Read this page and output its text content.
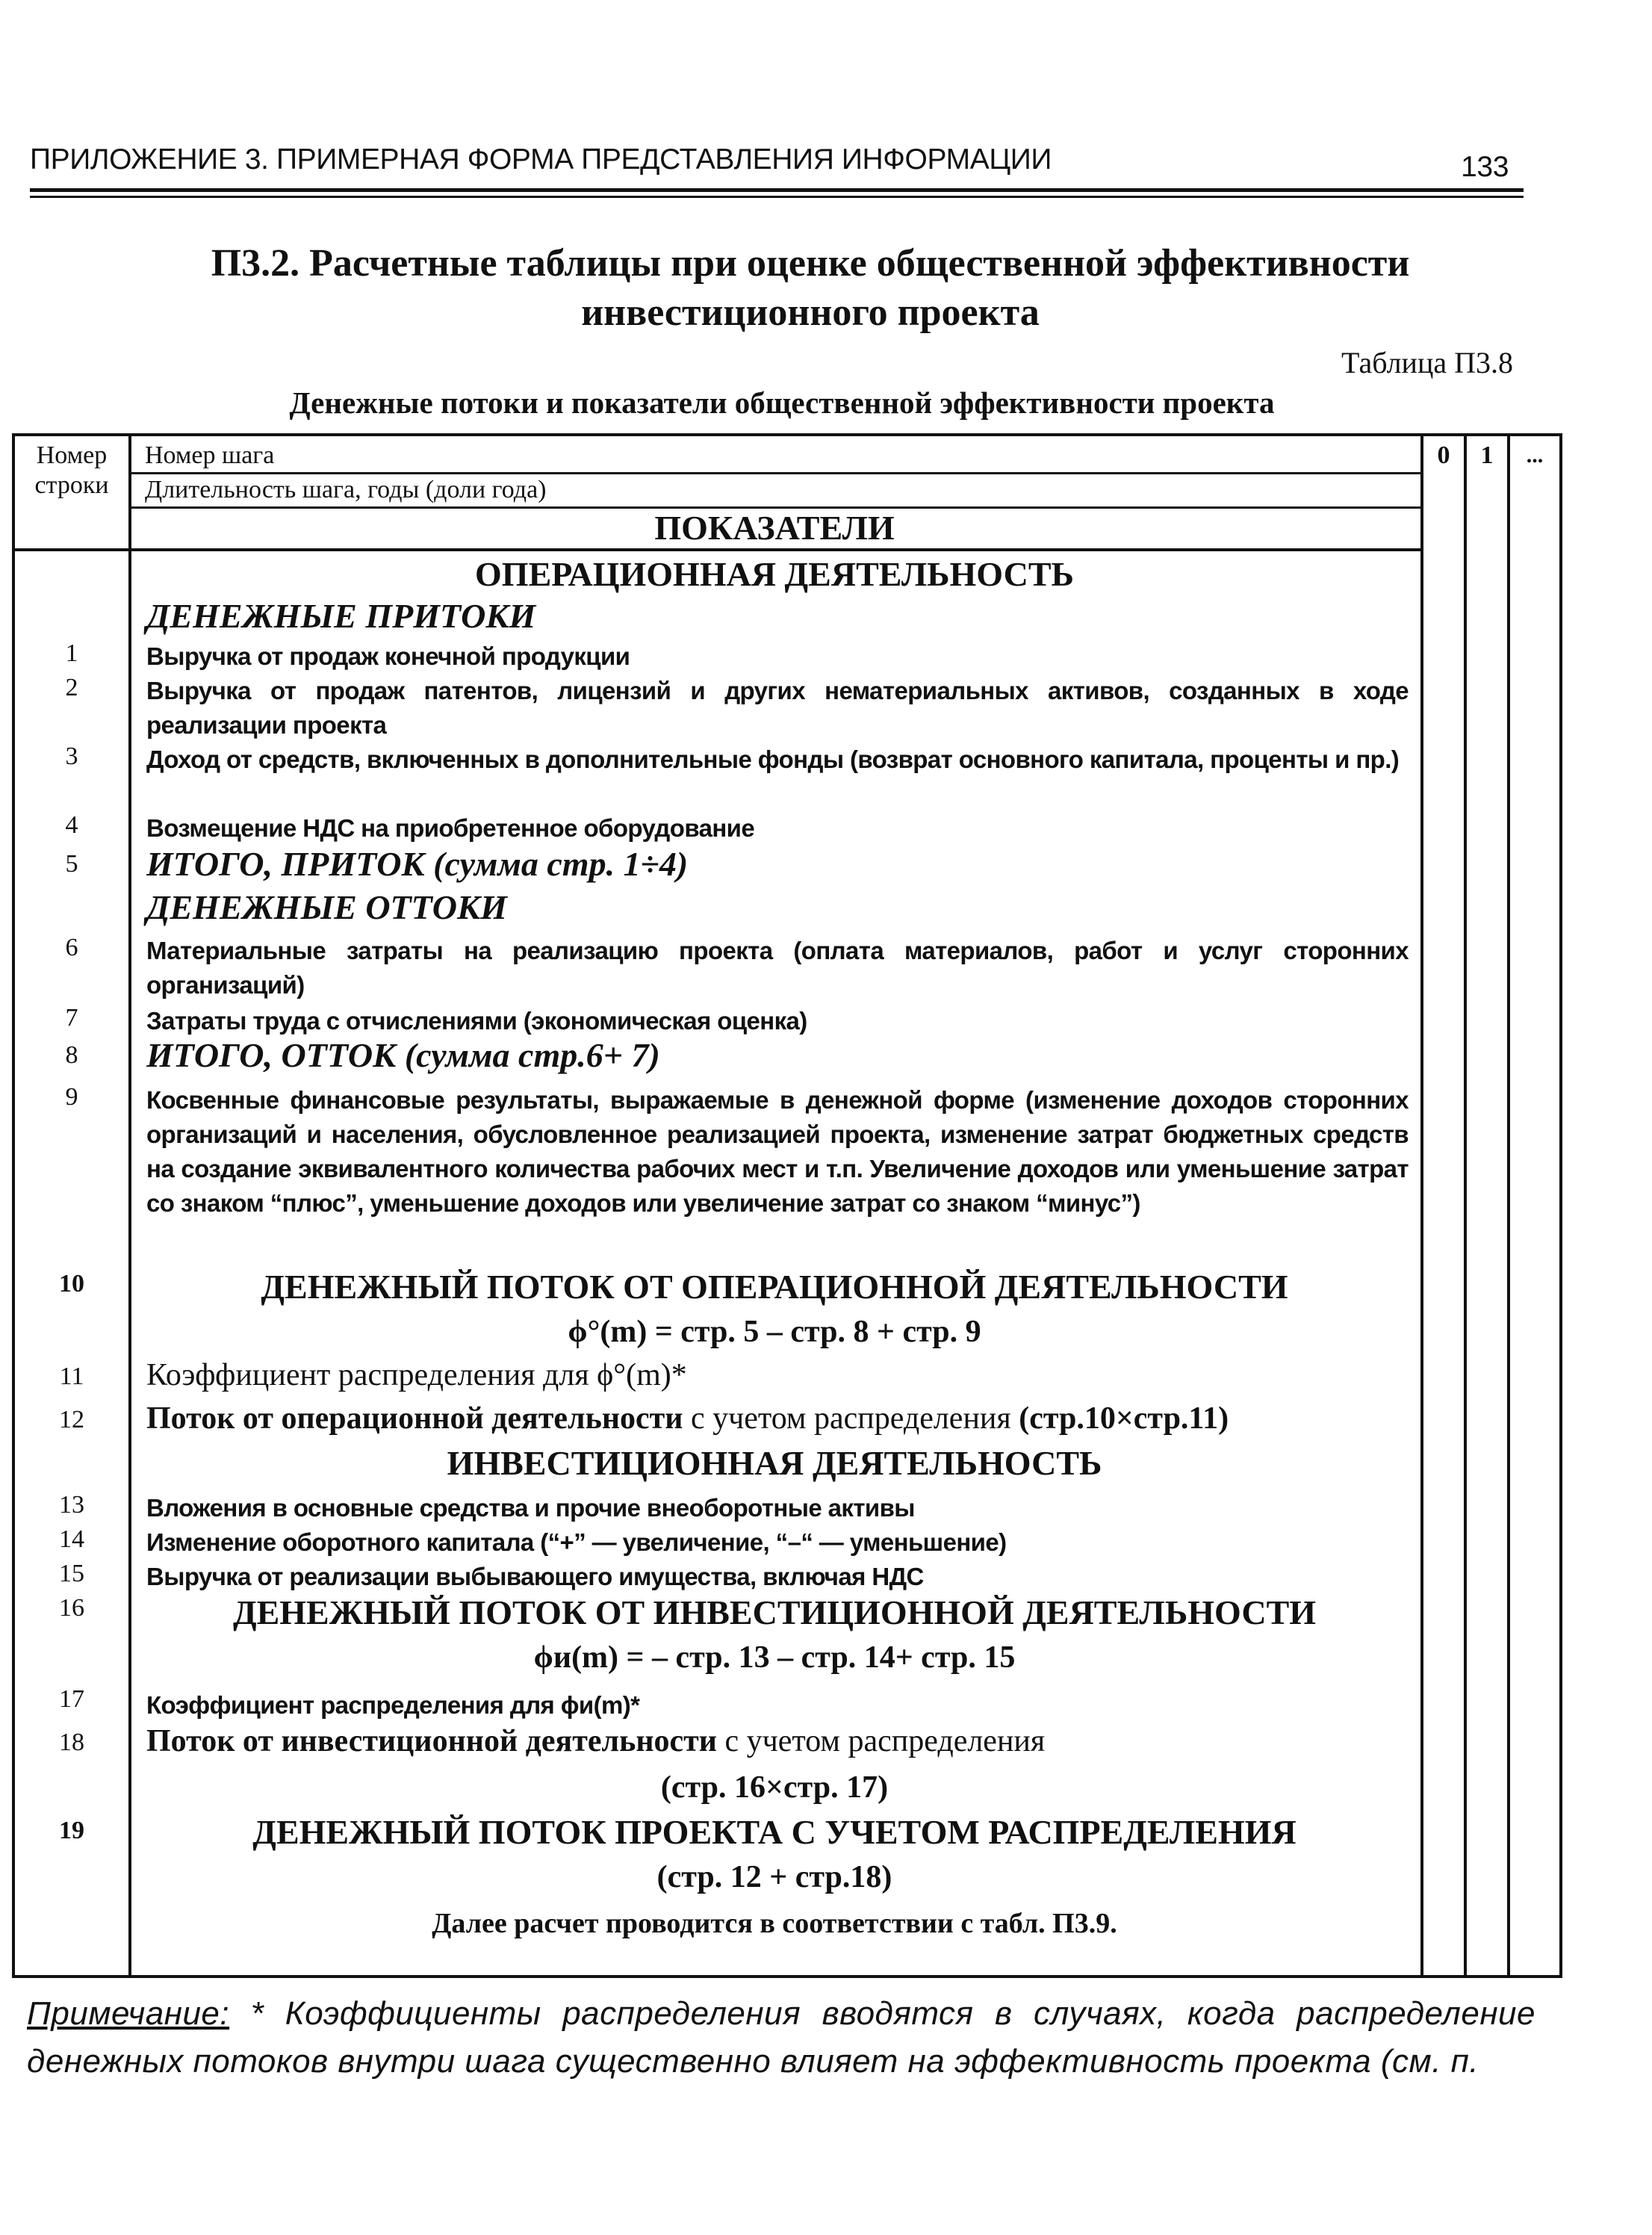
ПРИЛОЖЕНИЕ 3. ПРИМЕРНАЯ ФОРМА ПРЕДСТАВЛЕНИЯ ИНФОРМАЦИИ	133
П3.2. Расчетные таблицы при оценке общественной эффективности
инвестиционного проекта
Таблица П3.8
Денежные потоки и показатели общественной эффективности проекта
Номер
строки
Номер шага
Длительность шага, годы (доли года)
0	1	...
ПОКАЗАТЕЛИ
ОПЕРАЦИОННАЯ ДЕЯТЕЛЬНОСТЬ
ДЕНЕЖНЫЕ ПРИТОКИ
1	Выручка от продаж конечной продукции
2	Выручка от продаж патентов, лицензий и других нематериальных активов, созданных в ходе реализации проекта
3	Доход от средств, включенных в дополнительные фонды (возврат основного капитала, проценты и пр.)
4	Возмещение НДС на приобретенное оборудование
5	ИТОГО, ПРИТОК (сумма стр. 1÷4)
ДЕНЕЖНЫЕ ОТТОКИ
6	Материальные затраты на реализацию проекта (оплата материалов, работ и услуг сторонних организаций)
7	Затраты труда с отчислениями (экономическая оценка)
8	ИТОГО, ОТТОК (сумма стр.6+ 7)
9	Косвенные финансовые результаты, выражаемые в денежной форме (изменение доходов сторонних организаций и населения, обусловленное реализацией проекта, изменение затрат бюджетных средств на создание эквивалентного количества рабочих мест и т.п. Увеличение доходов или уменьшение затрат со знаком “плюс”, уменьшение доходов или увеличение затрат со знаком “минус”)
10	ДЕНЕЖНЫЙ ПОТОК ОТ ОПЕРАЦИОННОЙ ДЕЯТЕЛЬНОСТИ
ϕ°(m) = стр. 5 – стр. 8 + стр. 9
11	Коэффициент распределения для ϕ°(m)*
12	Поток от операционной деятельности с учетом распределения (стр.10×стр.11)
ИНВЕСТИЦИОННАЯ ДЕЯТЕЛЬНОСТЬ
13	Вложения в основные средства и прочие внеоборотные активы
14	Изменение оборотного капитала (“+” — увеличение, “–“ — уменьшение)
15	Выручка от реализации выбывающего имущества, включая НДС
16	ДЕНЕЖНЫЙ ПОТОК ОТ ИНВЕСТИЦИОННОЙ ДЕЯТЕЛЬНОСТИ
ϕи(m) = – стр. 13 – стр. 14+ стр. 15
17	Коэффициент распределения для ϕи(m)*
18	Поток от инвестиционной деятельности с учетом распределения
(стр. 16×стр. 17)
19	ДЕНЕЖНЫЙ ПОТОК ПРОЕКТА С УЧЕТОМ РАСПРЕДЕЛЕНИЯ
(стр. 12 + стр.18)
Далее расчет проводится в соответствии с табл. П3.9.
Примечание: * Коэффициенты распределения вводятся в случаях, когда распределение денежных потоков внутри шага существенно влияет на эффективность проекта (см. п.
